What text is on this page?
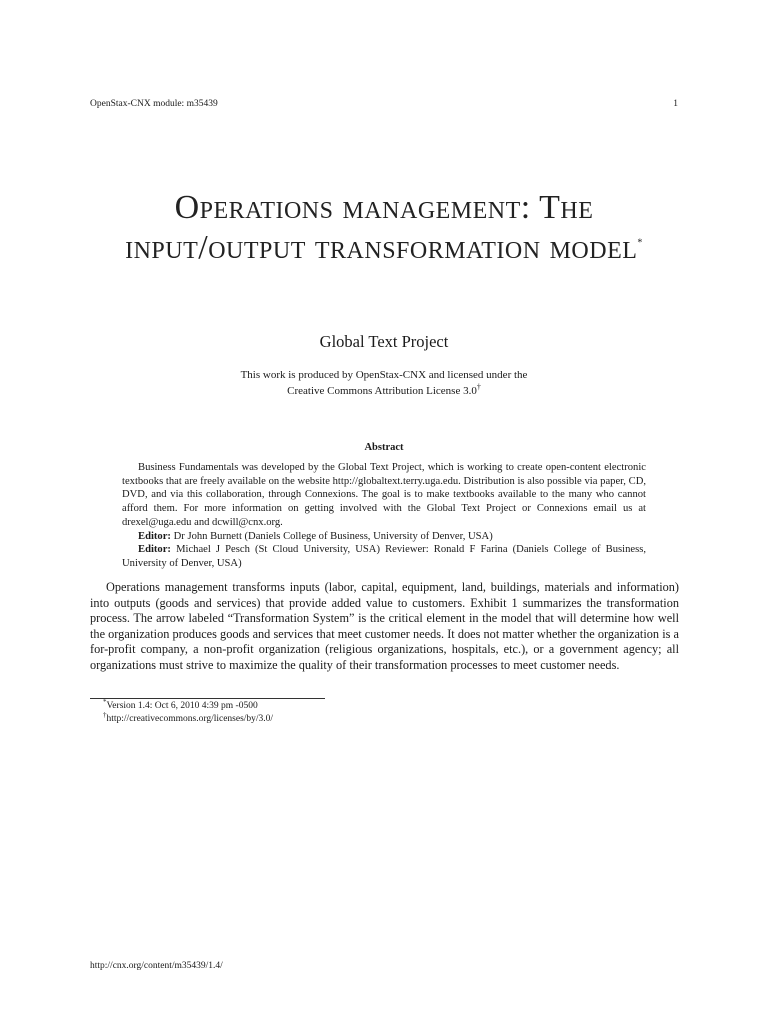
OpenStax-CNX module: m35439	1
Operations management: The input/output transformation model*
Global Text Project
This work is produced by OpenStax-CNX and licensed under the
Creative Commons Attribution License 3.0†
Abstract

Business Fundamentals was developed by the Global Text Project, which is working to create open-content electronic textbooks that are freely available on the website http://globaltext.terry.uga.edu. Distribution is also possible via paper, CD, DVD, and via this collaboration, through Connexions. The goal is to make textbooks available to the many who cannot afford them. For more information on getting involved with the Global Text Project or Connexions email us at drexel@uga.edu and dcwill@cnx.org.

Editor: Dr John Burnett (Daniels College of Business, University of Denver, USA)

Editor: Michael J Pesch (St Cloud University, USA) Reviewer: Ronald F Farina (Daniels College of Business, University of Denver, USA)

Operations management transforms inputs (labor, capital, equipment, land, buildings, materials and information) into outputs (goods and services) that provide added value to customers. Exhibit 1 summarizes the transformation process. The arrow labeled “Transformation System” is the critical element in the model that will determine how well the organization produces goods and services that meet customer needs. It does not matter whether the organization is a for-profit company, a non-profit organization (religious organizations, hospitals, etc.), or a government agency; all organizations must strive to maximize the quality of their transformation processes to meet customer needs.

*Version 1.4: Oct 6, 2010 4:39 pm -0500
†http://creativecommons.org/licenses/by/3.0/
http://cnx.org/content/m35439/1.4/
